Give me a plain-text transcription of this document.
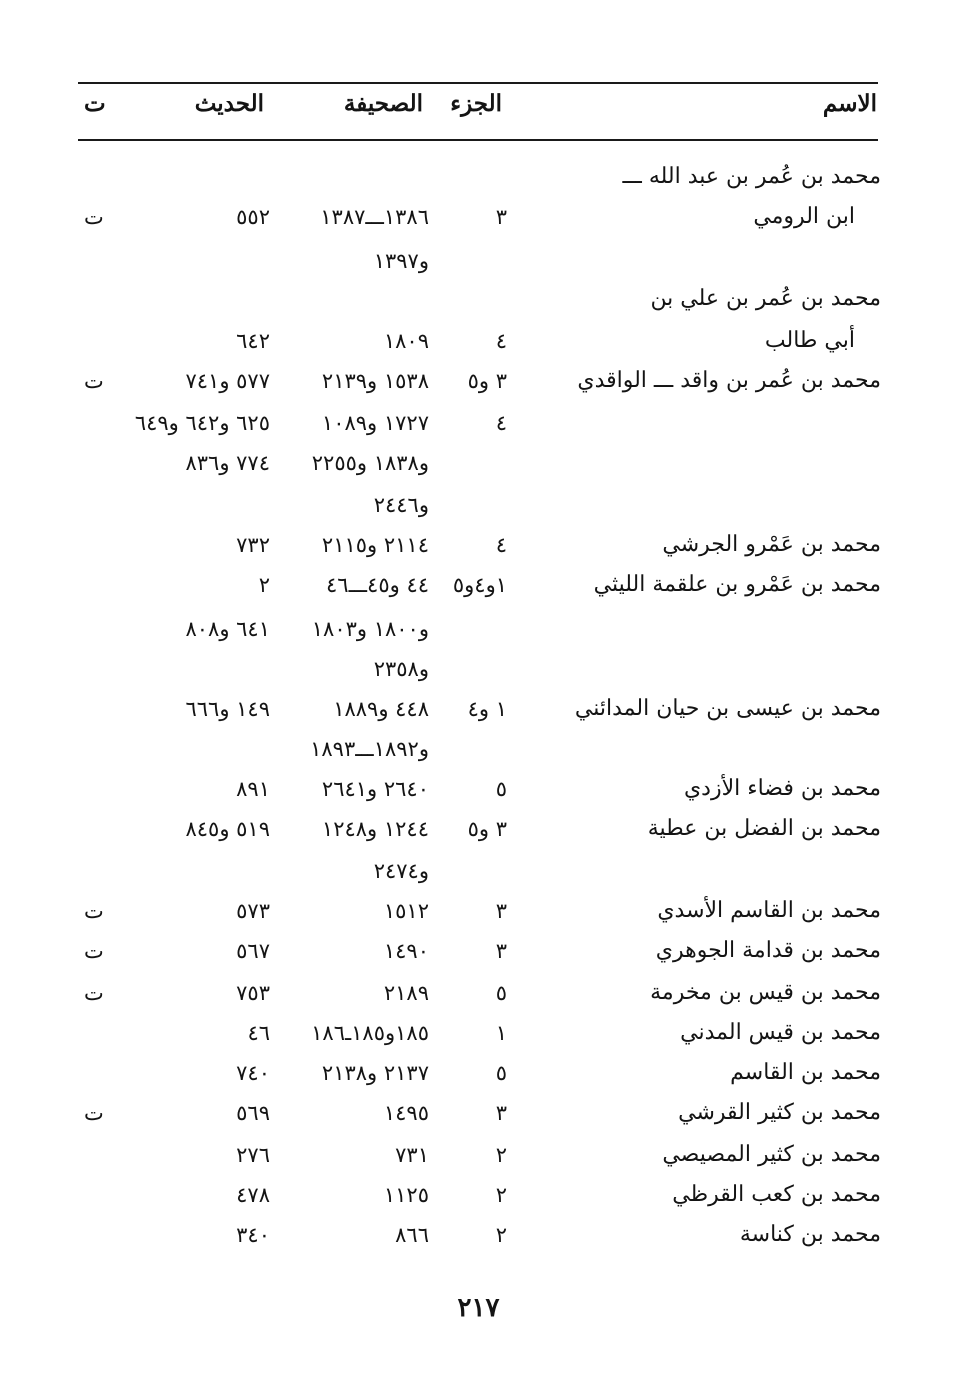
الاسم
الجزء
الصحيفة
الحديث
ت
محمد بن عُمر بن عبد الله ـــ
ابن الرومي
٣
١٣٨٦ـــ١٣٨٧
٥٥٢
ت
و١٣٩٧
محمد بن عُمر بن علي بن
أبي طالب
٤
١٨٠٩
٦٤٢
محمد بن عُمر بن واقد ـــ الواقدي
٣ و٥
١٥٣٨ و٢١٣٩
٥٧٧ و٧٤١
ت
٤
١٧٢٧ و١٠٨٩
٦٢٥ و٦٤٢ و٦٤٩
و١٨٣٨ و٢٢٥٥
٧٧٤ و٨٣٦
و٢٤٤٦
محمد بن عَمْرو الجرشي
٤
٢١١٤ و٢١١٥
٧٣٢
محمد بن عَمْرو بن علقمة الليثي
١و٤و٥
٤٤ و٤٥ـــ٤٦
٢
و١٨٠٠ و١٨٠٣
٦٤١ و٨٠٨
و٢٣٥٨
محمد بن عيسى بن حيان المدائني
١ و٤
٤٤٨ و١٨٨٩
١٤٩ و٦٦٦
و١٨٩٢ـــ١٨٩٣
محمد بن فضاء الأزدي
٥
٢٦٤٠ و٢٦٤١
٨٩١
محمد بن الفضل بن عطية
٣ و٥
١٢٤٤ و١٢٤٨
٥١٩ و٨٤٥
و٢٤٧٤
محمد بن القاسم الأسدي
٣
١٥١٢
٥٧٣
ت
محمد بن قدامة الجوهري
٣
١٤٩٠
٥٦٧
ت
محمد بن قيس بن مخرمة
٥
٢١٨٩
٧٥٣
ت
محمد بن قيس المدني
١
١٨٥و١٨٥ـ١٨٦
٤٦
محمد بن القاسم
٥
٢١٣٧ و٢١٣٨
٧٤٠
محمد بن كثير القرشي
٣
١٤٩٥
٥٦٩
ت
محمد بن كثير المصيصي
٢
٧٣١
٢٧٦
محمد بن كعب القرظي
٢
١١٢٥
٤٧٨
محمد بن كناسة
٢
٨٦٦
٣٤٠
٢١٧
